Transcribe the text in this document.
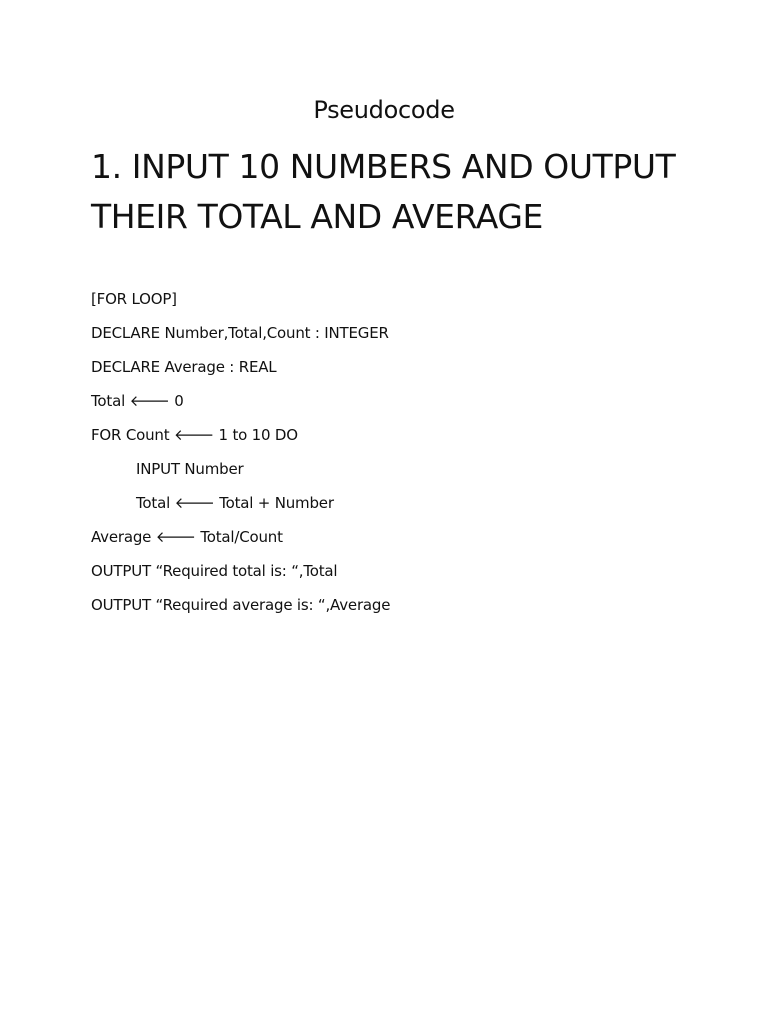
Pseudocode
1. INPUT 10 NUMBERS AND OUTPUT THEIR TOTAL AND AVERAGE
[FOR LOOP]
DECLARE Number,Total,Count : INTEGER
DECLARE Average : REAL
Total 🡐 0
FOR Count 🡐 1 to 10 DO
INPUT Number
Total 🡐 Total + Number
Average 🡐 Total/Count
OUTPUT “Required total is: “,Total
OUTPUT “Required average is: “,Average
